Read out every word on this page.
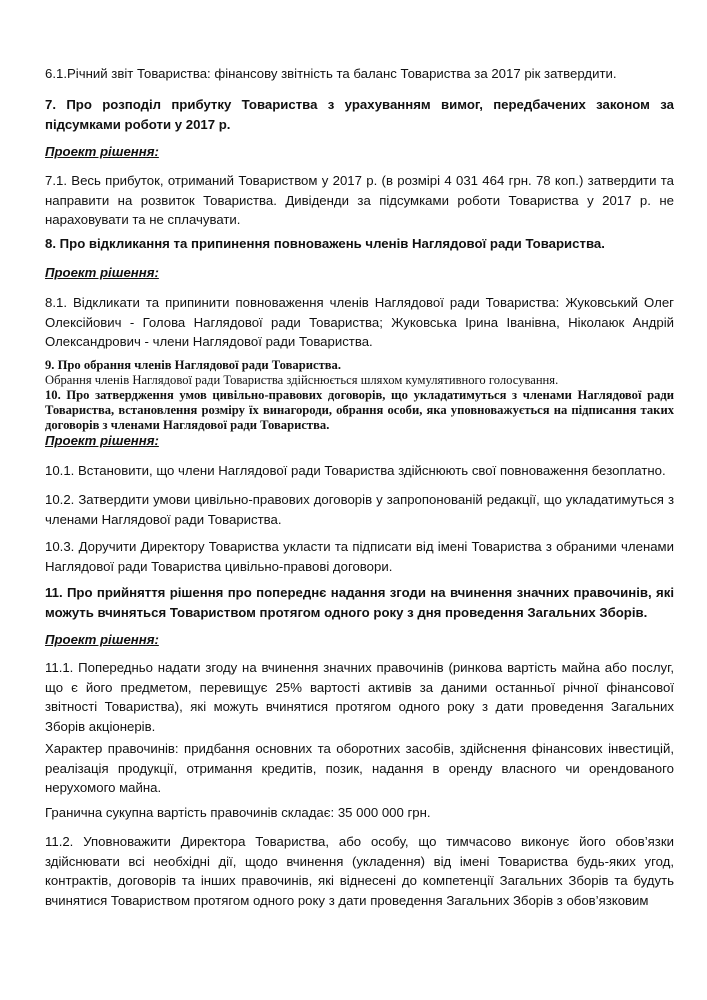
6.1.Річний звіт Товариства: фінансову звітність та баланс Товариства за 2017 рік затвердити.

7. Про розподіл прибутку Товариства з урахуванням вимог, передбачених законом за підсумками роботи у 2017 р.

Проект рішення:

7.1. Весь прибуток, отриманий Товариством у 2017 р. (в розмірі 4 031 464 грн. 78 коп.) затвердити та направити на розвиток Товариства. Дивіденди за підсумками роботи Товариства у 2017 р. не нараховувати та не сплачувати.

8. Про відкликання та припинення повноважень членів Наглядової ради Товариства.

Проект рішення:

8.1. Відкликати та припинити повноваження членів Наглядової ради Товариства: Жуковський Олег Олексійович - Голова Наглядової ради Товариства; Жуковська Ірина Іванівна, Ніколаюк Андрій Олександрович - члени Наглядової ради Товариства.

9. Про обрання членів Наглядової ради Товариства.

Обрання членів Наглядової ради Товариства здійснюється шляхом кумулятивного голосування.

10. Про затвердження умов цивільно-правових договорів, що укладатимуться з членами Наглядової ради Товариства, встановлення розміру їх винагороди, обрання особи, яка уповноважується на підписання таких договорів з членами Наглядової ради Товариства.

Проект рішення:

10.1. Встановити, що члени Наглядової ради Товариства здійснюють свої повноваження безоплатно.

10.2. Затвердити умови цивільно-правових договорів у запропонованій редакції, що укладатимуться з членами Наглядової ради Товариства.

10.3. Доручити Директору Товариства укласти та підписати від імені Товариства з обраними членами Наглядової ради Товариства цивільно-правові договори.

11. Про прийняття рішення про попереднє надання згоди на вчинення значних правочинів, які можуть вчиняться Товариством протягом одного року з дня проведення Загальних Зборів.

Проект рішення:

11.1. Попередньо надати згоду на вчинення значних правочинів (ринкова вартість майна або послуг, що є його предметом, перевищує 25% вартості активів за даними останньої річної фінансової звітності Товариства), які можуть вчинятися протягом одного року з дати проведення Загальних Зборів акціонерів.

Характер правочинів: придбання основних та оборотних засобів, здійснення фінансових інвестицій, реалізація продукції, отримання кредитів, позик, надання в оренду власного чи орендованого нерухомого майна.

Гранична сукупна вартість правочинів складає: 35 000 000 грн.

11.2. Уповноважити Директора Товариства, або особу, що тимчасово виконує його обов’язки здійснювати всі необхідні дії, щодо вчинення (укладення) від імені Товариства будь-яких угод, контрактів, договорів та інших правочинів, які віднесені до компетенції Загальних Зборів та будуть вчинятися Товариством протягом одного року з дати проведення Загальних Зборів з обов’язковим
